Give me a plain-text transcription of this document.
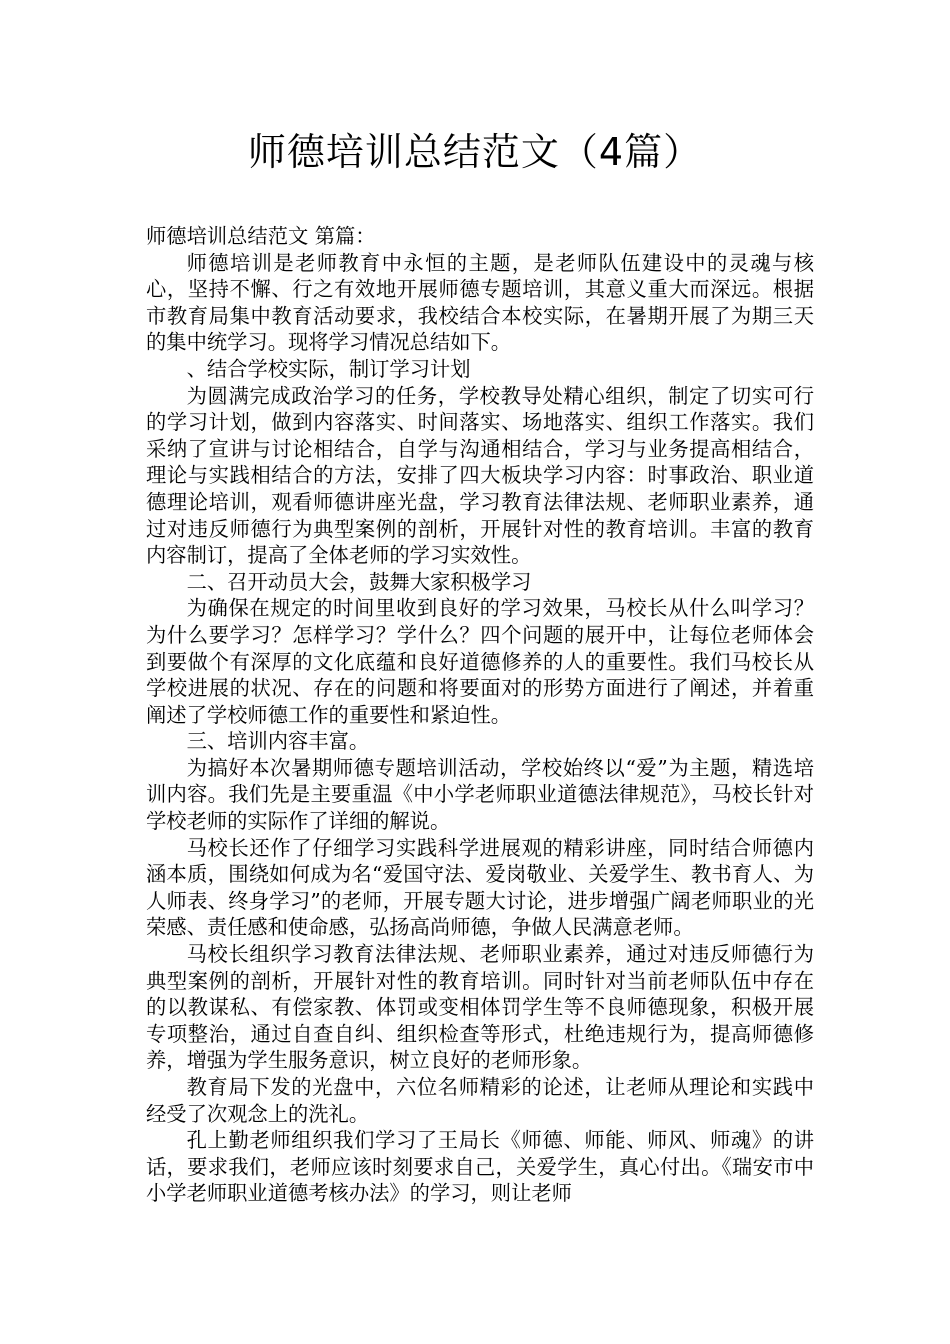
师德培训总结范文（4篇）

师德培训总结范文 第篇：

师德培训是老师教育中永恒的主题，是老师队伍建设中的灵魂与核心，坚持不懈、行之有效地开展师德专题培训，其意义重大而深远。根据市教育局集中教育活动要求，我校结合本校实际，在暑期开展了为期三天的集中统学习。现将学习情况总结如下。

、结合学校实际，制订学习计划

为圆满完成政治学习的任务，学校教导处精心组织，制定了切实可行的学习计划，做到内容落实、时间落实、场地落实、组织工作落实。我们采纳了宣讲与讨论相结合，自学与沟通相结合，学习与业务提高相结合，理论与实践相结合的方法，安排了四大板块学习内容：时事政治、职业道德理论培训，观看师德讲座光盘，学习教育法律法规、老师职业素养，通过对违反师德行为典型案例的剖析，开展针对性的教育培训。丰富的教育内容制订，提高了全体老师的学习实效性。

二、召开动员大会，鼓舞大家积极学习

为确保在规定的时间里收到良好的学习效果，马校长从什么叫学习？为什么要学习？怎样学习？学什么？四个问题的展开中，让每位老师体会到要做个有深厚的文化底蕴和良好道德修养的人的重要性。我们马校长从学校进展的状况、存在的问题和将要面对的形势方面进行了阐述，并着重阐述了学校师德工作的重要性和紧迫性。

三、培训内容丰富。

为搞好本次暑期师德专题培训活动，学校始终以“爱”为主题，精选培训内容。我们先是主要重温《中小学老师职业道德法律规范》，马校长针对学校老师的实际作了详细的解说。

马校长还作了仔细学习实践科学进展观的精彩讲座，同时结合师德内涵本质，围绕如何成为名“爱国守法、爱岗敬业、关爱学生、教书育人、为人师表、终身学习”的老师，开展专题大讨论，进步增强广阔老师职业的光荣感、责任感和使命感，弘扬高尚师德，争做人民满意老师。

马校长组织学习教育法律法规、老师职业素养，通过对违反师德行为典型案例的剖析，开展针对性的教育培训。同时针对当前老师队伍中存在的以教谋私、有偿家教、体罚或变相体罚学生等不良师德现象，积极开展专项整治，通过自查自纠、组织检查等形式，杜绝违规行为，提高师德修养，增强为学生服务意识，树立良好的老师形象。

教育局下发的光盘中，六位名师精彩的论述，让老师从理论和实践中经受了次观念上的洗礼。

孔上勤老师组织我们学习了王局长《师德、师能、师风、师魂》的讲话，要求我们，老师应该时刻要求自己，关爱学生，真心付出。《瑞安市中小学老师职业道德考核办法》的学习，则让老师
